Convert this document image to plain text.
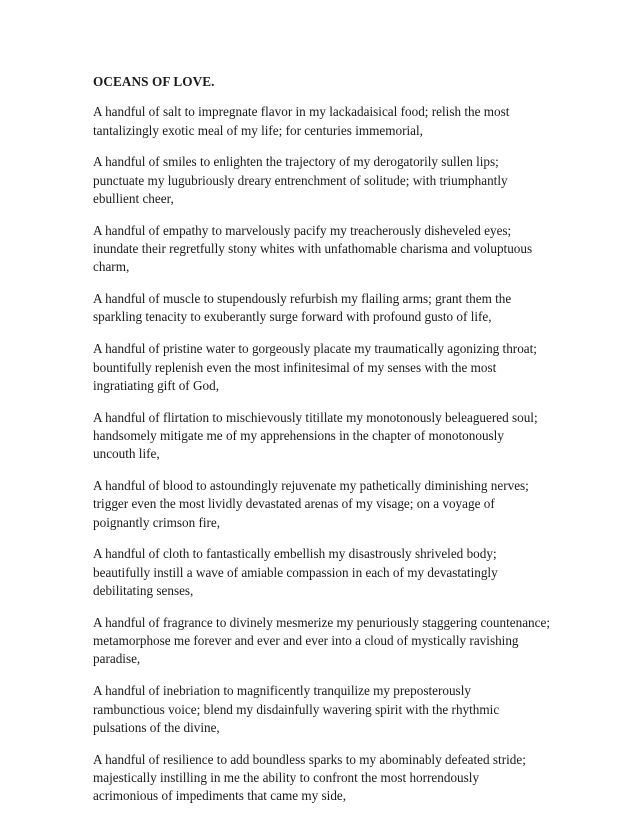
OCEANS OF LOVE.
A handful of salt to impregnate flavor in my lackadaisical food; relish the most
tantalizingly exotic meal of my life; for centuries immemorial,
A handful of smiles to enlighten the trajectory of my derogatorily sullen lips;
punctuate my lugubriously dreary entrenchment of solitude; with triumphantly
ebullient cheer,
A handful of empathy to marvelously pacify my treacherously disheveled eyes;
inundate their regretfully stony whites with unfathomable charisma and voluptuous
charm,
A handful of muscle to stupendously refurbish my flailing arms; grant them the
sparkling tenacity to exuberantly surge forward with profound gusto of life,
A handful of pristine water to gorgeously placate my traumatically agonizing throat;
bountifully replenish even the most infinitesimal of my senses with the most
ingratiating gift of God,
A handful of flirtation to mischievously titillate my monotonously beleaguered soul;
handsomely mitigate me of my apprehensions in the chapter of monotonously
uncouth life,
A handful of blood to astoundingly rejuvenate my pathetically diminishing nerves;
trigger even the most lividly devastated arenas of my visage; on a voyage of
poignantly crimson fire,
A handful of cloth to fantastically embellish my disastrously shriveled body;
beautifully instill a wave of amiable compassion in each of my devastatingly
debilitating senses,
A handful of fragrance to divinely mesmerize my penuriously staggering countenance;
metamorphose me forever and ever and ever into a cloud of mystically ravishing
paradise,
A handful of inebriation to magnificently tranquilize my preposterously
rambunctious voice; blend my disdainfully wavering spirit with the rhythmic
pulsations of the divine,
A handful of resilience to add boundless sparks to my abominably defeated stride;
majestically instilling in me the ability to confront the most horrendously
acrimonious of impediments that came my side,
